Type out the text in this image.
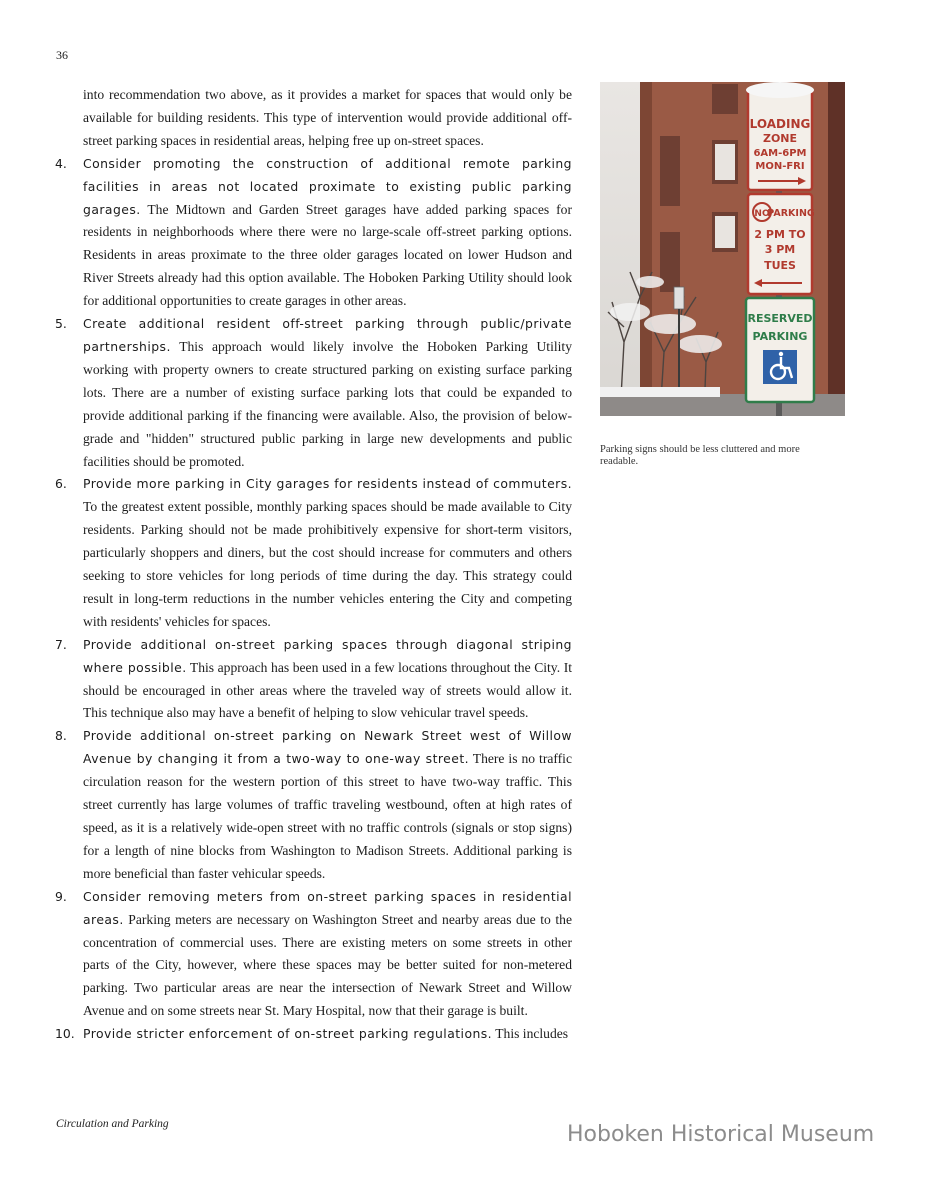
36

into recommendation two above, as it provides a market for spaces that would only be available for building residents. This type of intervention would provide additional off-street parking spaces in residential areas, helping free up on-street spaces.

4.	Consider promoting the construction of additional remote parking facilities in areas not located proximate to existing public parking garages. The Midtown and Garden Street garages have added parking spaces for residents in neighborhoods where there were no large-scale off-street parking options. Residents in areas proximate to the three older garages located on lower Hudson and River Streets already had this option available. The Hoboken Parking Utility should look for additional opportunities to create garages in other areas.
5.	Create additional resident off-street parking through public/private partnerships. This approach would likely involve the Hoboken Parking Utility working with property owners to create structured parking on existing surface parking lots. There are a number of existing surface parking lots that could be expanded to provide additional parking if the financing were available. Also, the provision of below-grade and "hidden" structured public parking in large new developments and public facilities should be promoted.
6.	Provide more parking in City garages for residents instead of commuters. To the greatest extent possible, monthly parking spaces should be made available to City residents. Parking should not be made prohibitively expensive for short-term visitors, particularly shoppers and diners, but the cost should increase for commuters and others seeking to store vehicles for long periods of time during the day. This strategy could result in long-term reductions in the number vehicles entering the City and competing with residents' vehicles for spaces.
7.	Provide additional on-street parking spaces through diagonal striping where possible. This approach has been used in a few locations throughout the City. It should be encouraged in other areas where the traveled way of streets would allow it. This technique also may have a benefit of helping to slow vehicular travel speeds.
8.	Provide additional on-street parking on Newark Street west of Willow Avenue by changing it from a two-way to one-way street. There is no traffic circulation reason for the western portion of this street to have two-way traffic. This street currently has large volumes of traffic traveling westbound, often at high rates of speed, as it is a relatively wide-open street with no traffic controls (signals or stop signs) for a length of nine blocks from Washington to Madison Streets. Additional parking is more beneficial than faster vehicular speeds.
9.	Consider removing meters from on-street parking spaces in residential areas. Parking meters are necessary on Washington Street and nearby areas due to the concentration of commercial uses. There are existing meters on some streets in other parts of the City, however, where these spaces may be better suited for non-metered parking. Two particular areas are near the intersection of Newark Street and Willow Avenue and on some streets near St. Mary Hospital, now that their garage is built.
10. Provide stricter enforcement of on-street parking regulations. This includes
LOADING
ZONE
6AM-6PM
MON-FRI
NO
PARKING
2 PM TO
3 PM
TUES
RESERVED
PARKING
Parking signs should be less cluttered and more readable.
Circulation and Parking	Hoboken Historical Museum
